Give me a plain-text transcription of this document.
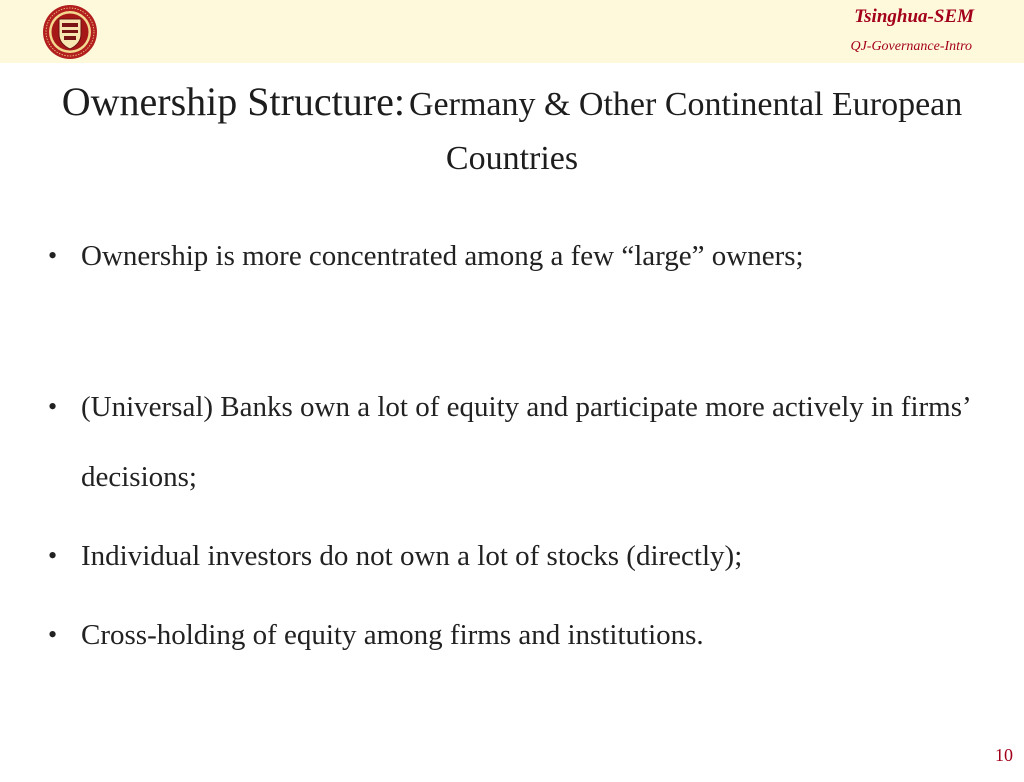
Tsinghua-SEM
QJ-Governance-Intro
Ownership Structure: Germany & Other Continental European Countries
• Ownership is more concentrated among a few “large” owners;
• (Universal) Banks own a lot of equity and participate more actively in firms’ decisions;
• Individual investors do not own a lot of stocks (directly);
• Cross-holding of equity among firms and institutions.
10
